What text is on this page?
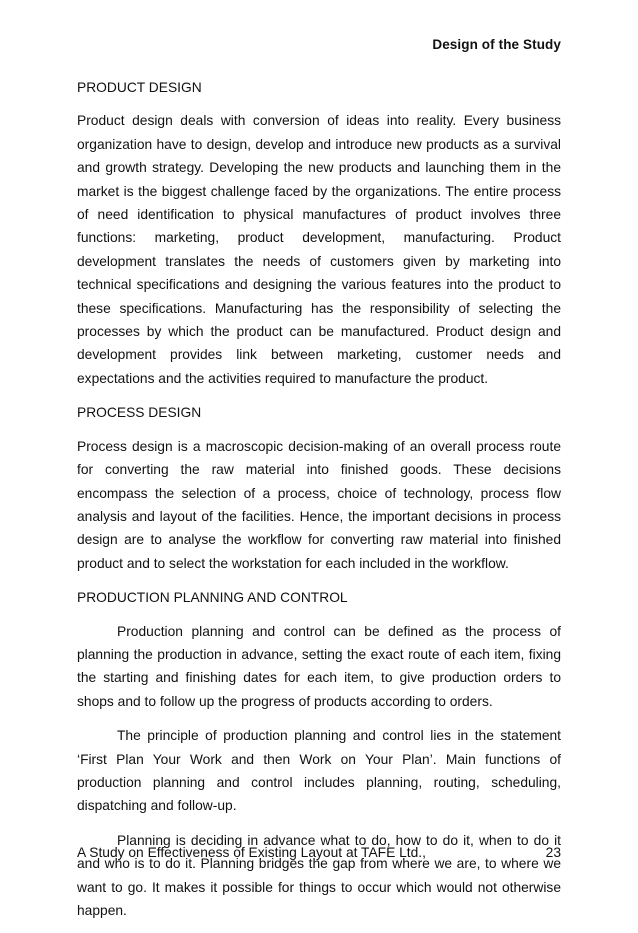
Design of the Study

PRODUCT DESIGN

Product design deals with conversion of ideas into reality. Every business organization have to design, develop and introduce new products as a survival and growth strategy. Developing the new products and launching them in the market is the biggest challenge faced by the organizations. The entire process of need identification to physical manufactures of product involves three functions: marketing, product development, manufacturing. Product development translates the needs of customers given by marketing into technical specifications and designing the various features into the product to these specifications. Manufacturing has the responsibility of selecting the processes by which the product can be manufactured. Product design and development provides link between marketing, customer needs and expectations and the activities required to manufacture the product.

PROCESS DESIGN

Process design is a macroscopic decision-making of an overall process route for converting the raw material into finished goods. These decisions encompass the selection of a process, choice of technology, process flow analysis and layout of the facilities. Hence, the important decisions in process design are to analyse the workflow for converting raw material into finished product and to select the workstation for each included in the workflow.

PRODUCTION PLANNING AND CONTROL

Production planning and control can be defined as the process of planning the production in advance, setting the exact route of each item, fixing the starting and finishing dates for each item, to give production orders to shops and to follow up the progress of products according to orders.

The principle of production planning and control lies in the statement ‘First Plan Your Work and then Work on Your Plan’. Main functions of production planning and control includes planning, routing, scheduling, dispatching and follow-up.

Planning is deciding in advance what to do, how to do it, when to do it and who is to do it. Planning bridges the gap from where we are, to where we want to go. It makes it possible for things to occur which would not otherwise happen.

A Study on Effectiveness of Existing Layout at TAFE Ltd.,	23
